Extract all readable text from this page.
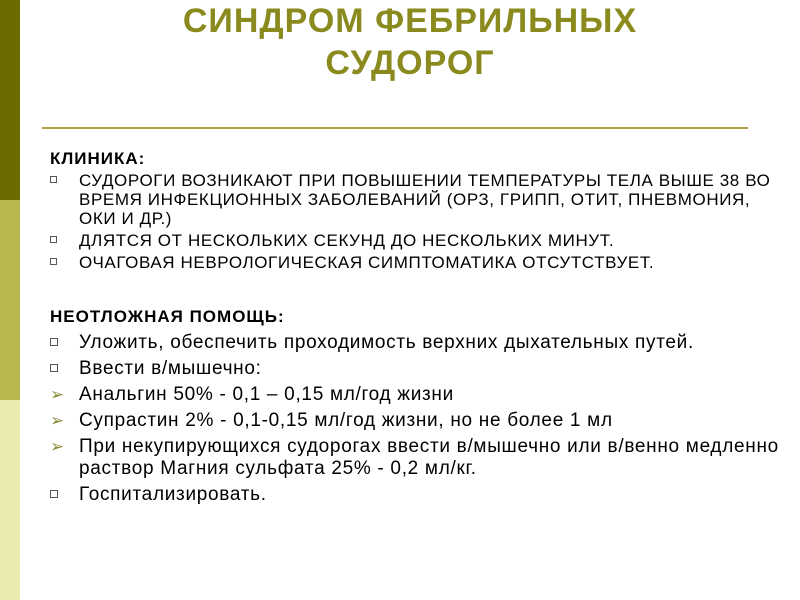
СИНДРОМ ФЕБРИЛЬНЫХ
СУДОРОГ
КЛИНИКА:
СУДОРОГИ ВОЗНИКАЮТ ПРИ ПОВЫШЕНИИ ТЕМПЕРАТУРЫ ТЕЛА ВЫШЕ 38 ВО ВРЕМЯ ИНФЕКЦИОННЫХ ЗАБОЛЕВАНИЙ (ОРЗ, ГРИПП, ОТИТ, ПНЕВМОНИЯ, ОКИ И ДР.)
ДЛЯТСЯ ОТ НЕСКОЛЬКИХ СЕКУНД ДО НЕСКОЛЬКИХ МИНУТ.
ОЧАГОВАЯ НЕВРОЛОГИЧЕСКАЯ СИМПТОМАТИКА ОТСУТСТВУЕТ.
НЕОТЛОЖНАЯ ПОМОЩЬ:
Уложить, обеспечить проходимость верхних дыхательных путей.
Ввести в/мышечно:
➢ Анальгин 50% - 0,1 – 0,15 мл/год жизни
➢ Супрастин 2% - 0,1-0,15 мл/год жизни, но не более 1 мл
➢ При некупирующихся судорогах ввести в/мышечно или в/венно медленно раствор Магния сульфата 25% - 0,2 мл/кг.
Госпитализировать.
